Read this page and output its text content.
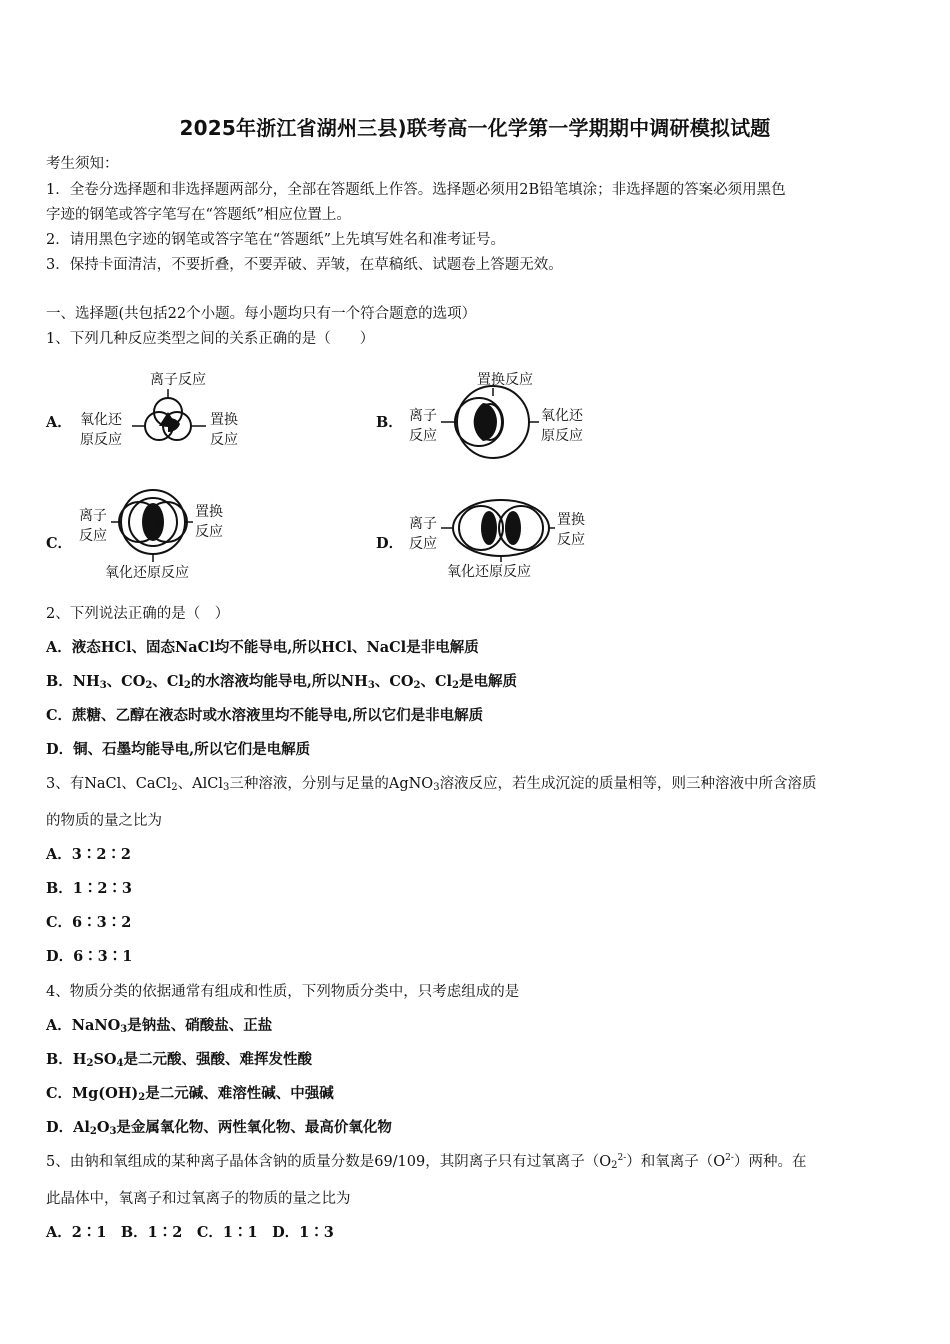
2025年浙江省湖州三县)联考高一化学第一学期期中调研模拟试题
考生须知：
1．全卷分选择题和非选择题两部分，全部在答题纸上作答。选择题必须用2B铅笔填涂；非选择题的答案必须用黑色
字迹的钢笔或答字笔写在“答题纸”相应位置上。
2．请用黑色字迹的钢笔或答字笔在“答题纸”上先填写姓名和准考证号。
3．保持卡面清洁，不要折叠，不要弄破、弄皱，在草稿纸、试题卷上答题无效。
一、选择题(共包括22个小题。每小题均只有一个符合题意的选项）
1、下列几种反应类型之间的关系正确的是（　　）
A．
离子反应
氧化还
原反应
置换
反应
B．
置换反应
离子
反应
氧化还
原反应
C．
离子
反应
置换
反应
氧化还原反应
D．
离子
反应
置换
反应
氧化还原反应
2、下列说法正确的是（　）
A．液态HCl、固态NaCl均不能导电,所以HCl、NaCl是非电解质
B．$NH_3$、$CO_2$、$Cl_2$的水溶液均能导电,所以$NH_3$、$CO_2$、$Cl_2$是电解质
C．蔗糖、乙醇在液态时或水溶液里均不能导电,所以它们是非电解质
D．铜、石墨均能导电,所以它们是电解质
3、有NaCl、CaCl$_2$、AlCl$_3$三种溶液，分别与足量的AgNO$_3$溶液反应，若生成沉淀的质量相等，则三种溶液中所含溶质
的物质的量之比为
A．3∶2∶2
B．1∶2∶3
C．6∶3∶2
D．6∶3∶1
4、物质分类的依据通常有组成和性质，下列物质分类中，只考虑组成的是
A．NaNO$_3$是钠盐、硝酸盐、正盐
B．$H_2SO_4$是二元酸、强酸、难挥发性酸
C．$Mg(OH)_2$是二元碱、难溶性碱、中强碱
D．$Al_2O_3$是金属氧化物、两性氧化物、最高价氧化物
5、由钠和氧组成的某种离子晶体含钠的质量分数是69/109，其阴离子只有过氧离子$(O_2^{2-})$和氧离子$(O^{2-})$两种。在
此晶体中，氧离子和过氧离子的物质的量之比为
A．2∶1　B．1∶2　C．1∶1　D．1∶3
